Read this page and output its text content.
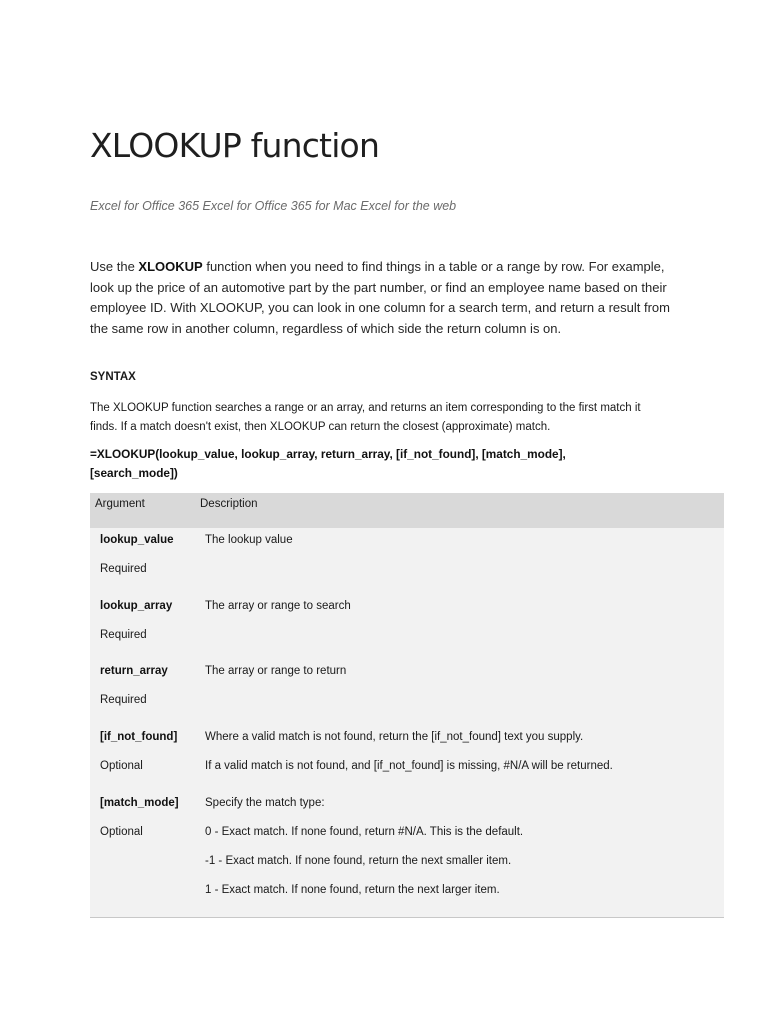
XLOOKUP function

Excel for Office 365 Excel for Office 365 for Mac Excel for the web

Use the XLOOKUP function when you need to find things in a table or a range by row. For example, look up the price of an automotive part by the part number, or find an employee name based on their employee ID. With XLOOKUP, you can look in one column for a search term, and return a result from the same row in another column, regardless of which side the return column is on.

SYNTAX

The XLOOKUP function searches a range or an array, and returns an item corresponding to the first match it finds. If a match doesn't exist, then XLOOKUP can return the closest (approximate) match.

=XLOOKUP(lookup_value, lookup_array, return_array, [if_not_found], [match_mode], [search_mode])

Argument	Description
lookup_value
Required
The lookup value
lookup_array
Required
The array or range to search
return_array
Required
The array or range to return
[if_not_found]
Optional
Where a valid match is not found, return the [if_not_found] text you supply.
If a valid match is not found, and [if_not_found] is missing, #N/A will be returned.
[match_mode]
Optional
Specify the match type:
0 - Exact match. If none found, return #N/A. This is the default.
-1 - Exact match. If none found, return the next smaller item.
1 - Exact match. If none found, return the next larger item.
